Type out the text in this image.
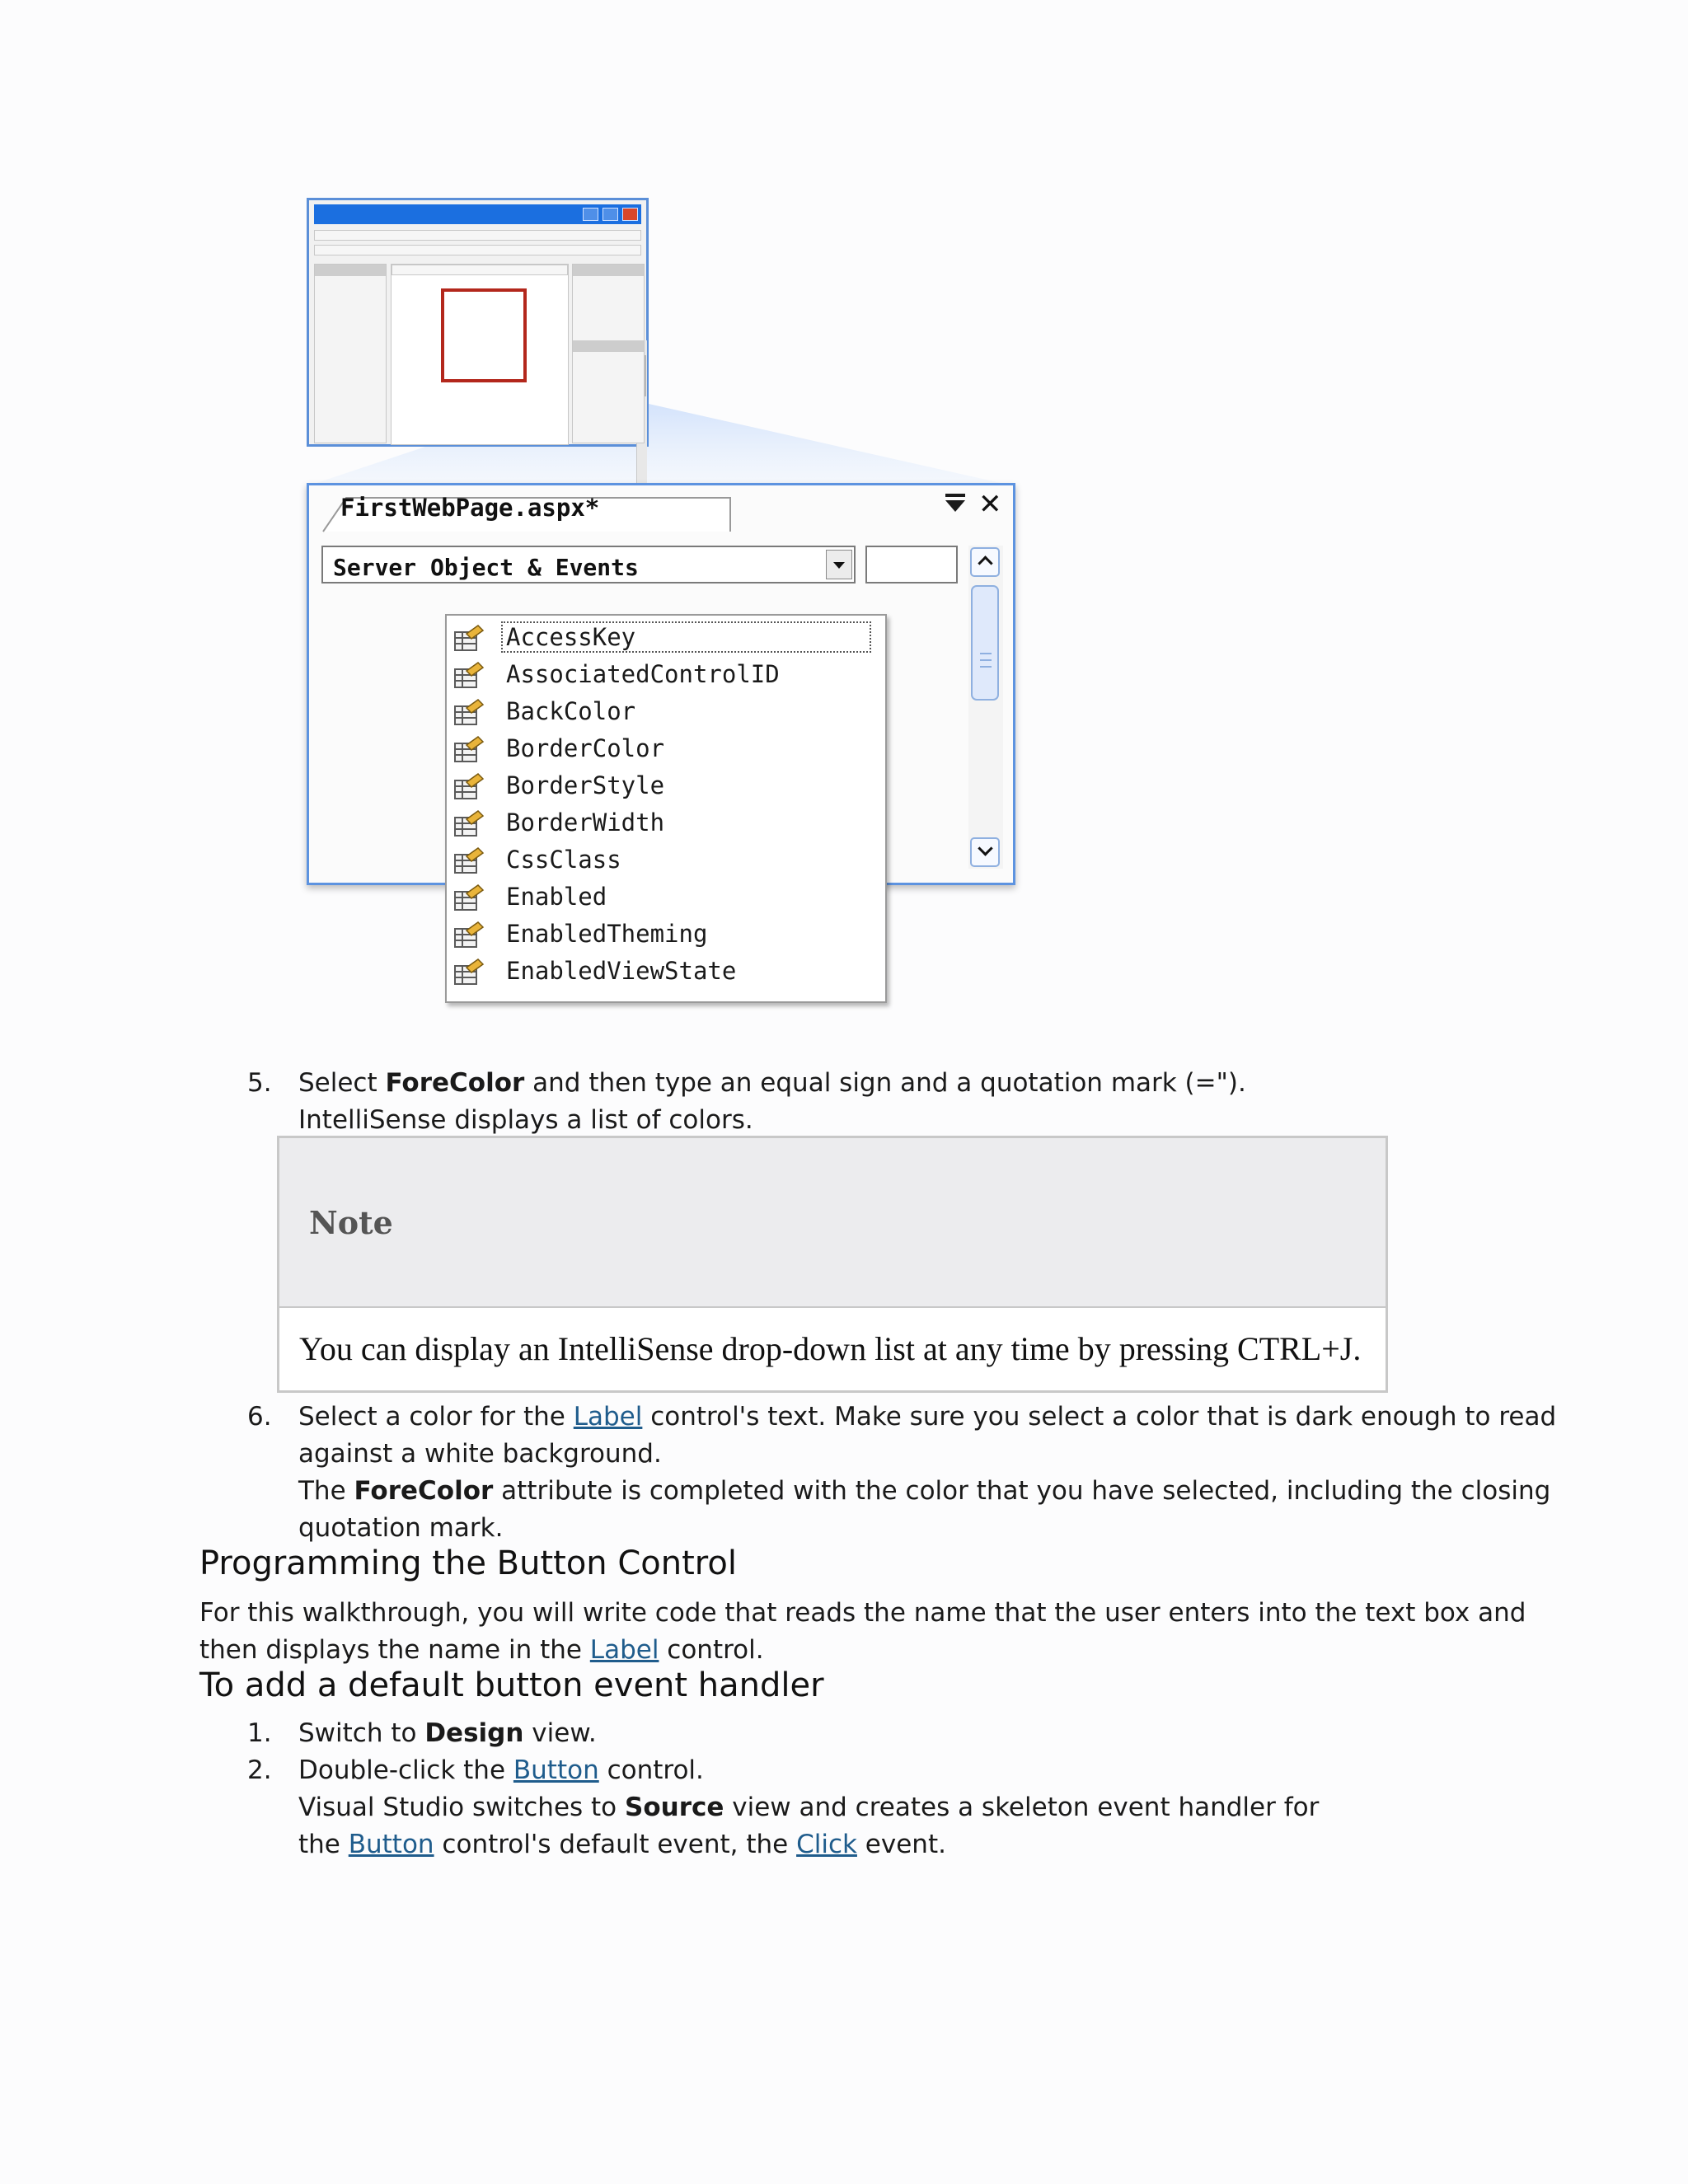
FirstWebPage.aspx*	✕
Server Object & Events
AccessKey
AssociatedControlID
BackColor
BorderColor
BorderStyle
BorderWidth
CssClass
Enabled
EnabledTheming
EnabledViewState
5. Select ForeColor and then type an equal sign and a quotation mark (=").
IntelliSense displays a list of colors.
Note
You can display an IntelliSense drop-down list at any time by pressing CTRL+J.
6. Select a color for the Label control's text. Make sure you select a color that is dark enough to read
against a white background.
The ForeColor attribute is completed with the color that you have selected, including the closing
quotation mark.
Programming the Button Control
For this walkthrough, you will write code that reads the name that the user enters into the text box and
then displays the name in the Label control.
To add a default button event handler
1. Switch to Design view.
2. Double-click the Button control.
Visual Studio switches to Source view and creates a skeleton event handler for
the Button control's default event, the Click event.
